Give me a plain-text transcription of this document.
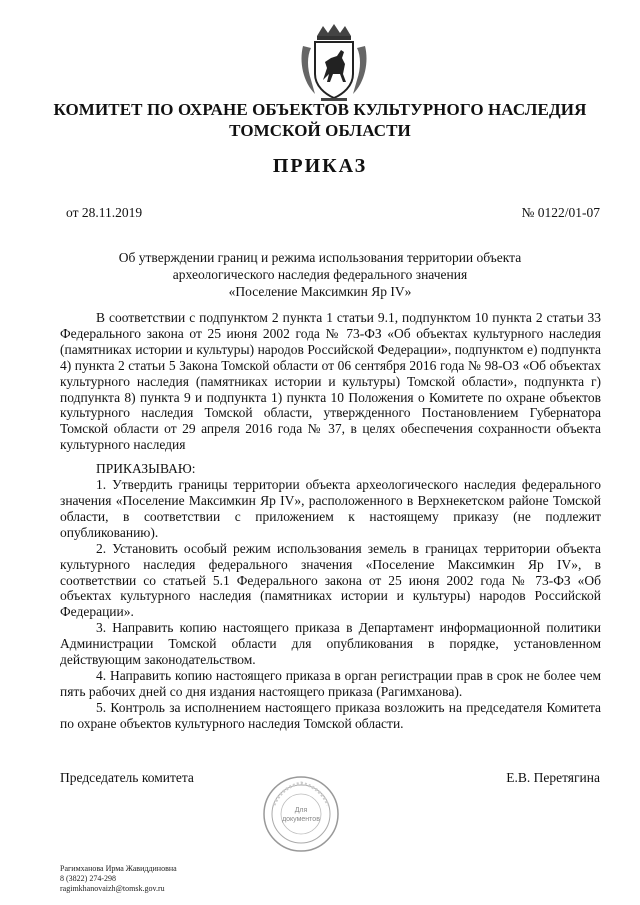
КОМИТЕТ ПО ОХРАНЕ ОБЪЕКТОВ КУЛЬТУРНОГО НАСЛЕДИЯ
ТОМСКОЙ ОБЛАСТИ
ПРИКАЗ
от 28.11.2019	№ 0122/01-07
Об утверждении границ и режима использования территории объекта
археологического наследия федерального значения
«Поселение Максимкин Яр IV»

В соответствии с подпунктом 2 пункта 1 статьи 9.1, подпунктом 10 пункта 2 статьи 33 Федерального закона от 25 июня 2002 года № 73-ФЗ «Об объектах культурного наследия (памятниках истории и культуры) народов Российской Федерации», подпунктом е) подпункта 4) пункта 2 статьи 5 Закона Томской области от 06 сентября 2016 года № 98-ОЗ «Об объектах культурного наследия (памятниках истории и культуры) Томской области», подпункта г) подпункта 8) пункта 9 и подпункта 1) пункта 10 Положения о Комитете по охране объектов культурного наследия Томской области, утвержденного Постановлением Губернатора Томской области от 29 апреля 2016 года № 37, в целях обеспечения сохранности объекта культурного наследия

ПРИКАЗЫВАЮ:

1. Утвердить границы территории объекта археологического наследия федерального значения «Поселение Максимкин Яр IV», расположенного в Верхнекетском районе Томской области, в соответствии с приложением к настоящему приказу (не подлежит опубликованию).

2. Установить особый режим использования земель в границах территории объекта культурного наследия федерального значения «Поселение Максимкин Яр IV», в соответствии со статьей 5.1 Федерального закона от 25 июня 2002 года № 73-ФЗ «Об объектах культурного наследия (памятниках истории и культуры) народов Российской Федерации».

3. Направить копию настоящего приказа в Департамент информационной политики Администрации Томской области для опубликования в порядке, установленном действующим законодательством.

4. Направить копию настоящего приказа в орган регистрации прав в срок не более чем пять рабочих дней со дня издания настоящего приказа (Рагимханова).

5. Контроль за исполнением настоящего приказа возложить на председателя Комитета по охране объектов культурного наследия Томской области.

Председатель комитета	Е.В. Перетягина
Для
документов
Рагимханова Ирма Жавиддиновна
8 (3822) 274-298
ragimkhanovaizh@tomsk.gov.ru
